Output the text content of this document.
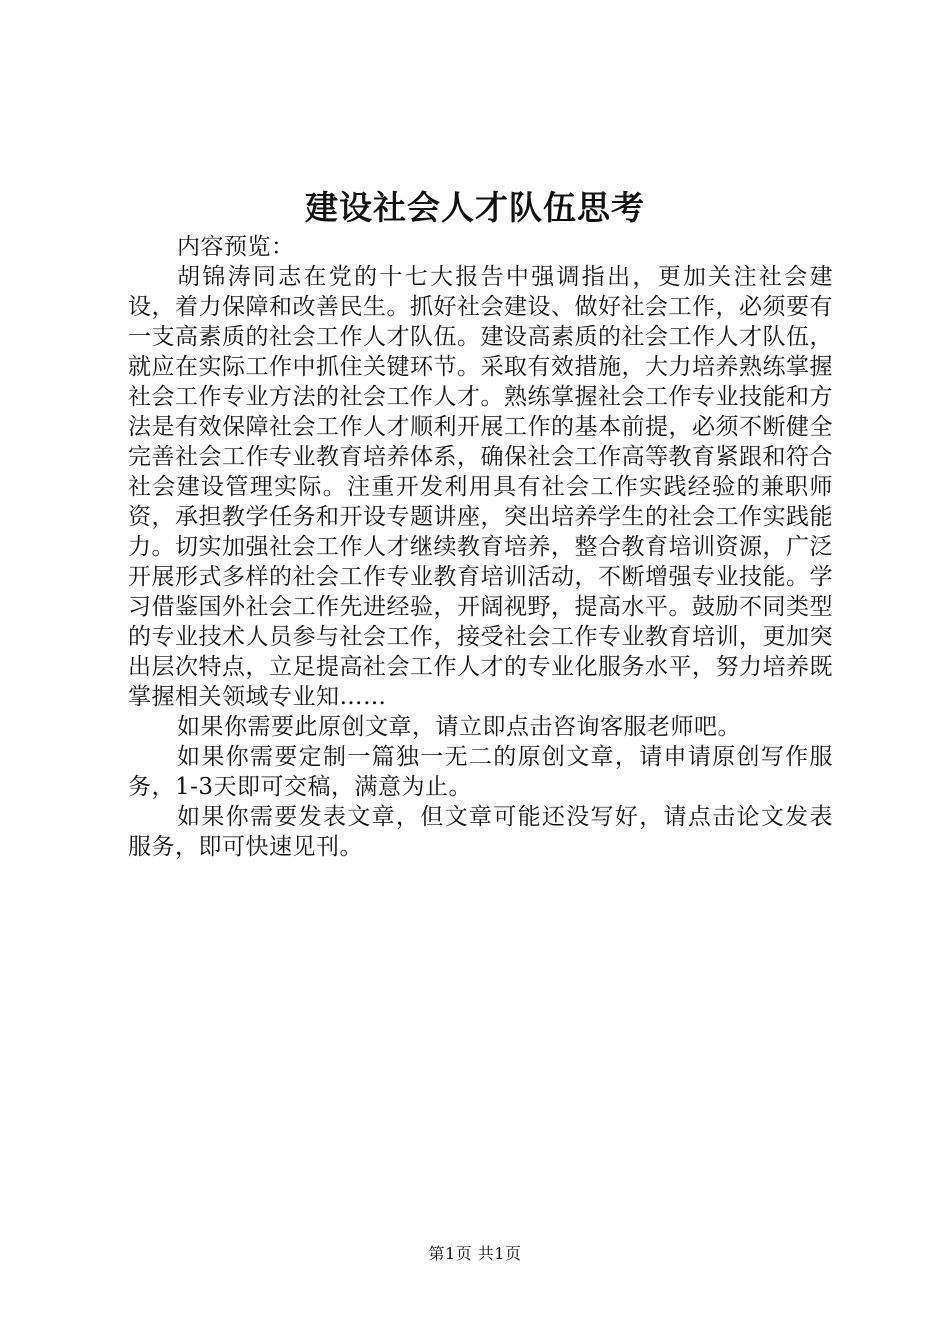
建设社会人才队伍思考

内容预览：

胡锦涛同志在党的十七大报告中强调指出，更加关注社会建设，着力保障和改善民生。抓好社会建设、做好社会工作，必须要有一支高素质的社会工作人才队伍。建设高素质的社会工作人才队伍，就应在实际工作中抓住关键环节。采取有效措施，大力培养熟练掌握社会工作专业方法的社会工作人才。熟练掌握社会工作专业技能和方法是有效保障社会工作人才顺利开展工作的基本前提，必须不断健全完善社会工作专业教育培养体系，确保社会工作高等教育紧跟和符合社会建设管理实际。注重开发利用具有社会工作实践经验的兼职师资，承担教学任务和开设专题讲座，突出培养学生的社会工作实践能力。切实加强社会工作人才继续教育培养，整合教育培训资源，广泛开展形式多样的社会工作专业教育培训活动，不断增强专业技能。学习借鉴国外社会工作先进经验，开阔视野，提高水平。鼓励不同类型的专业技术人员参与社会工作，接受社会工作专业教育培训，更加突出层次特点，立足提高社会工作人才的专业化服务水平，努力培养既掌握相关领域专业知……

如果你需要此原创文章，请立即点击咨询客服老师吧。

如果你需要定制一篇独一无二的原创文章，请申请原创写作服务，1-3天即可交稿，满意为止。

如果你需要发表文章，但文章可能还没写好，请点击论文发表服务，即可快速见刊。

第1页 共1页
